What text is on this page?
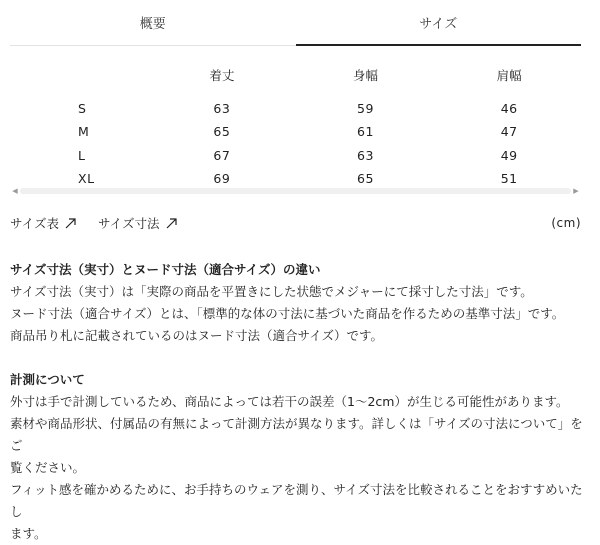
概要	サイズ
	着丈	身幅	肩幅
S	63	59	46
M	65	61	47
L	67	63	49
XL	69	65	51
◀	▶
サイズ表	サイズ寸法	(cm)
サイズ寸法（実寸）とヌード寸法（適合サイズ）の違い

サイズ寸法（実寸）は「実際の商品を平置きにした状態でメジャーにて採寸した寸法」です。

ヌード寸法（適合サイズ）とは、「標準的な体の寸法に基づいた商品を作るための基準寸法」です。

商品吊り札に記載されているのはヌード寸法（適合サイズ）です。

計測について

外寸は手で計測しているため、商品によっては若干の誤差（1〜2cm）が生じる可能性があります。

素材や商品形状、付属品の有無によって計測方法が異なります。詳しくは「サイズの寸法について」をご

覧ください。

フィット感を確かめるために、お手持ちのウェアを測り、サイズ寸法を比較されることをおすすめいたし

ます。
